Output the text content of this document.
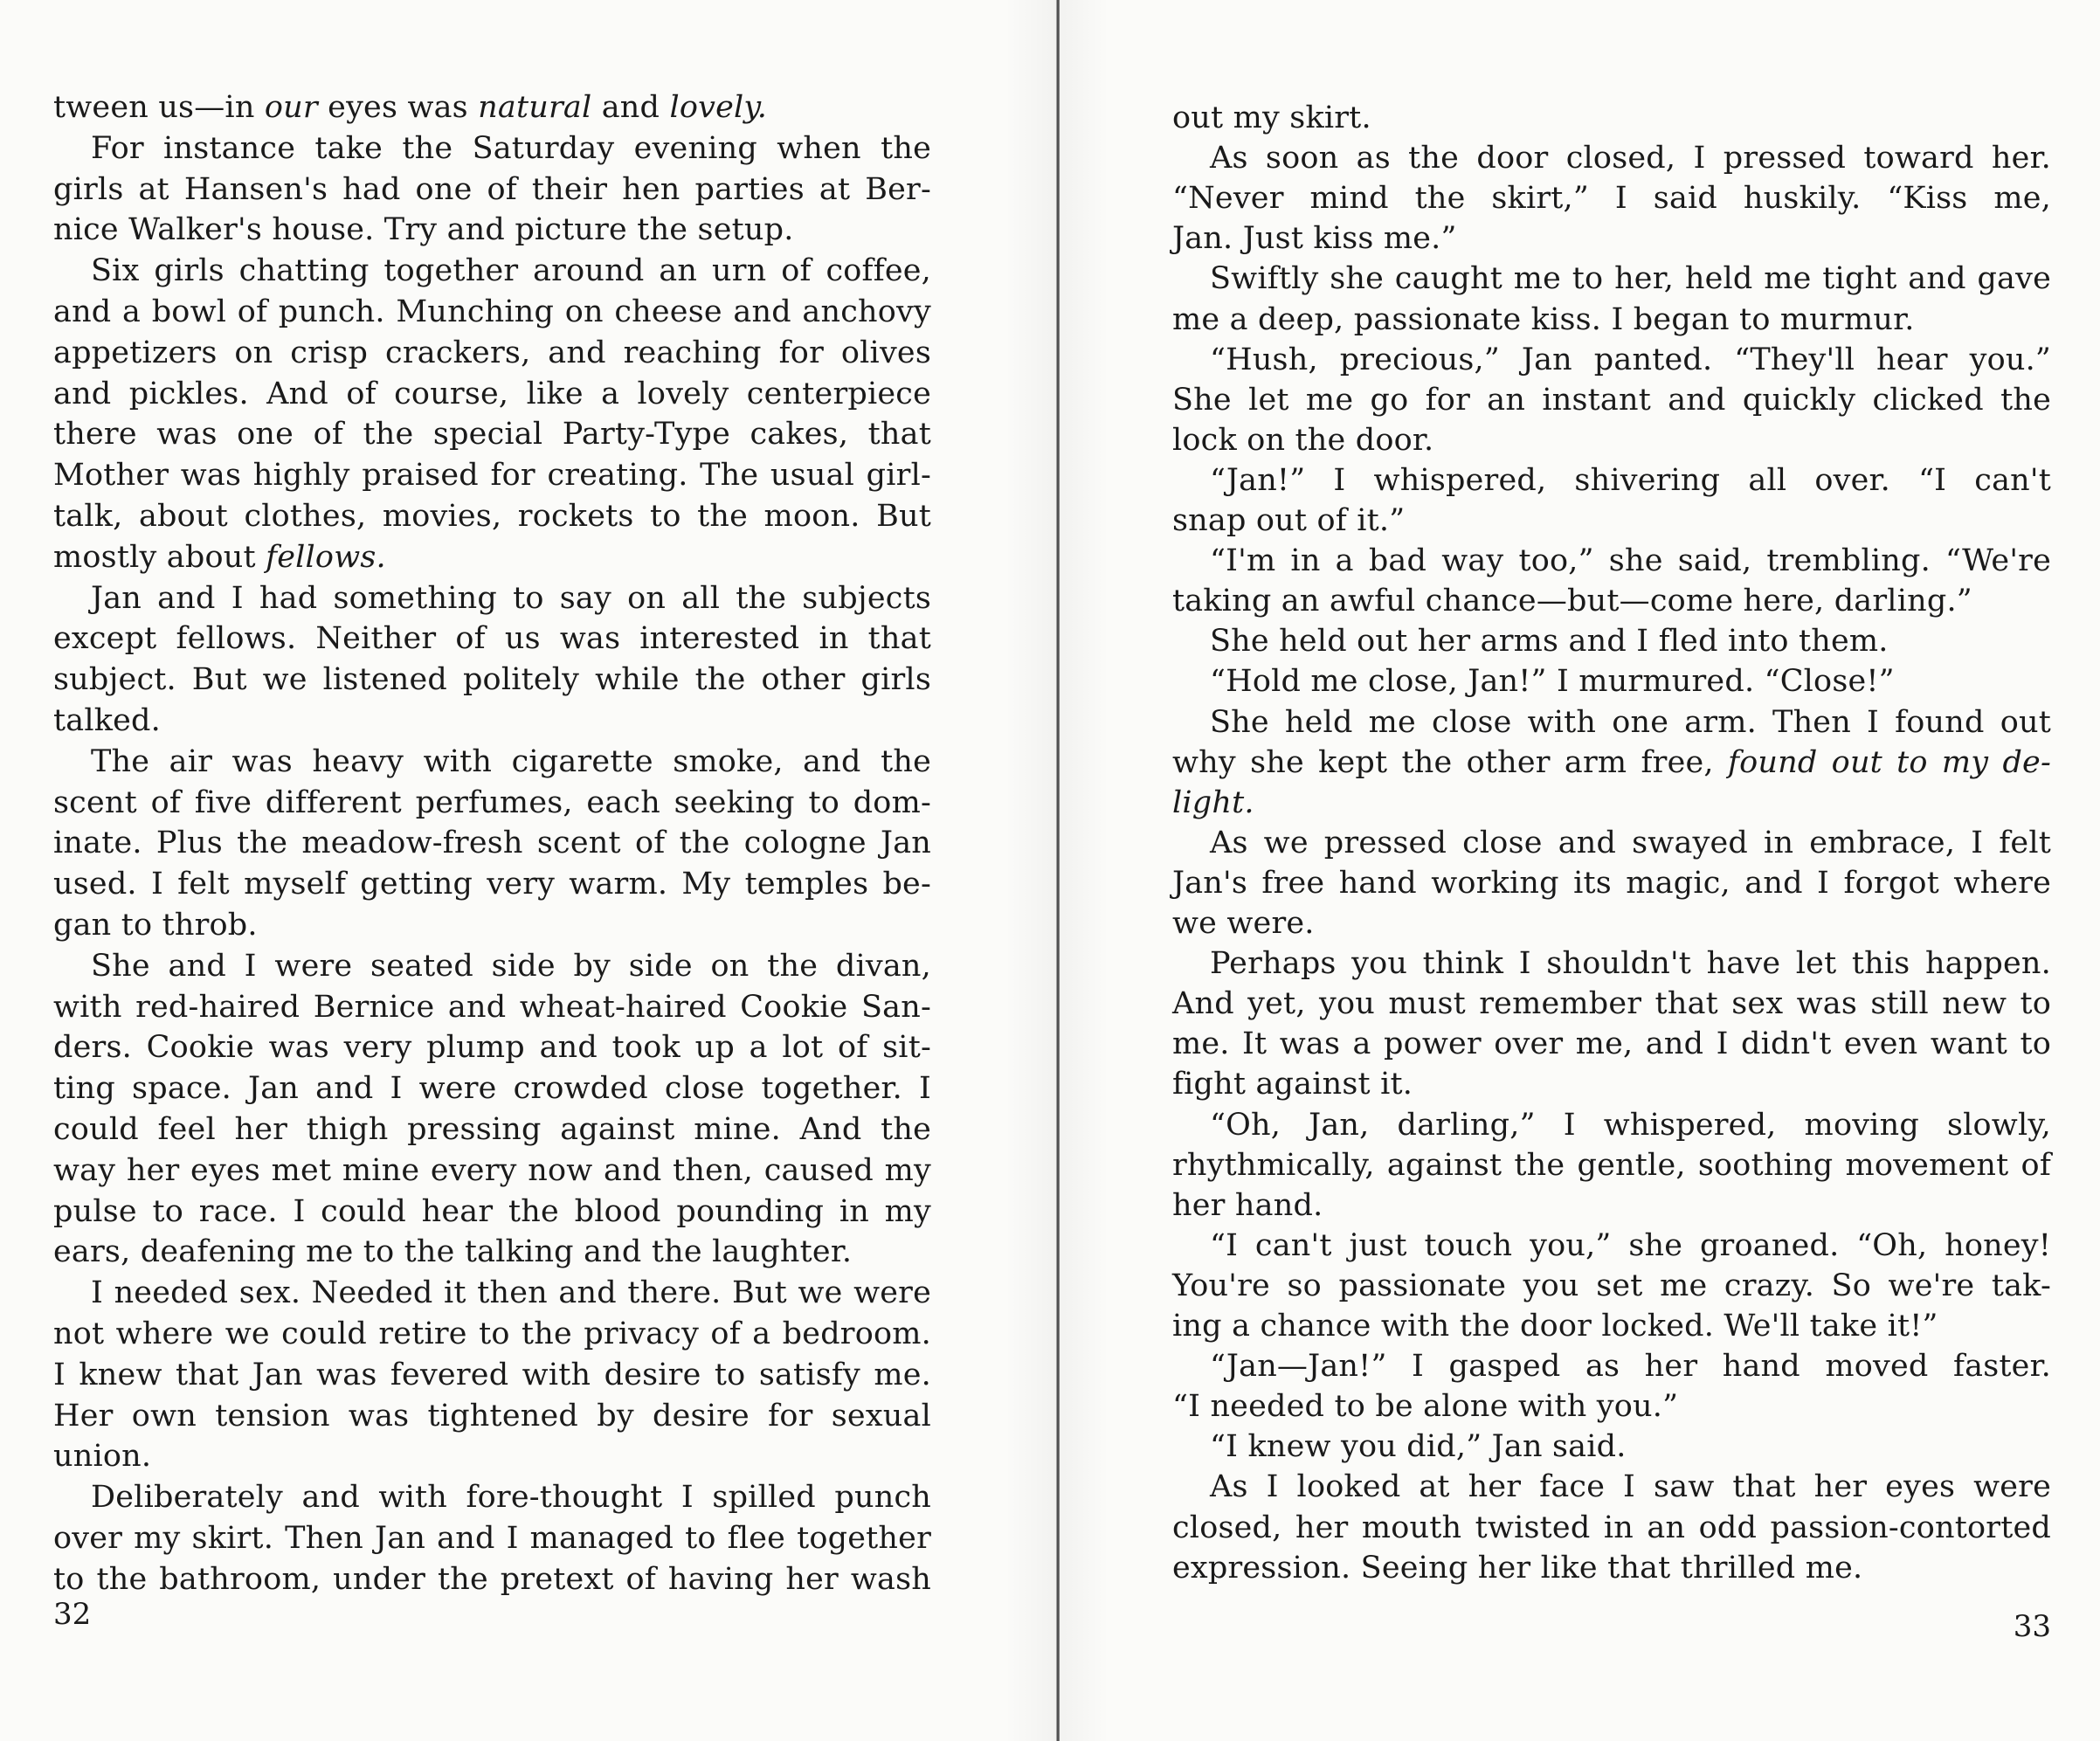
32
tween us—in our eyes was natural and lovely.
For instance take the Saturday evening when the
girls at Hansen's had one of their hen parties at Ber-
nice Walker's house. Try and picture the setup.
Six girls chatting together around an urn of coffee,
and a bowl of punch. Munching on cheese and anchovy
appetizers on crisp crackers, and reaching for olives
and pickles. And of course, like a lovely centerpiece
there was one of the special Party-Type cakes, that
Mother was highly praised for creating. The usual girl-
talk, about clothes, movies, rockets to the moon. But
mostly about fellows.
Jan and I had something to say on all the subjects
except fellows. Neither of us was interested in that
subject. But we listened politely while the other girls
talked.
The air was heavy with cigarette smoke, and the
scent of five different perfumes, each seeking to dom-
inate. Plus the meadow-fresh scent of the cologne Jan
used. I felt myself getting very warm. My temples be-
gan to throb.
She and I were seated side by side on the divan,
with red-haired Bernice and wheat-haired Cookie San-
ders. Cookie was very plump and took up a lot of sit-
ting space. Jan and I were crowded close together. I
could feel her thigh pressing against mine. And the
way her eyes met mine every now and then, caused my
pulse to race. I could hear the blood pounding in my
ears, deafening me to the talking and the laughter.
I needed sex. Needed it then and there. But we were
not where we could retire to the privacy of a bedroom.
I knew that Jan was fevered with desire to satisfy me.
Her own tension was tightened by desire for sexual
union.
Deliberately and with fore-thought I spilled punch
over my skirt. Then Jan and I managed to flee together
to the bathroom, under the pretext of having her wash
33
out my skirt.
As soon as the door closed, I pressed toward her.
“Never mind the skirt,” I said huskily. “Kiss me,
Jan. Just kiss me.”
Swiftly she caught me to her, held me tight and gave
me a deep, passionate kiss. I began to murmur.
“Hush, precious,” Jan panted. “They'll hear you.”
She let me go for an instant and quickly clicked the
lock on the door.
“Jan!” I whispered, shivering all over. “I can't
snap out of it.”
“I'm in a bad way too,” she said, trembling. “We're
taking an awful chance—but—come here, darling.”
She held out her arms and I fled into them.
“Hold me close, Jan!” I murmured. “Close!”
She held me close with one arm. Then I found out
why she kept the other arm free, found out to my de-
light.
As we pressed close and swayed in embrace, I felt
Jan's free hand working its magic, and I forgot where
we were.
Perhaps you think I shouldn't have let this happen.
And yet, you must remember that sex was still new to
me. It was a power over me, and I didn't even want to
fight against it.
“Oh, Jan, darling,” I whispered, moving slowly,
rhythmically, against the gentle, soothing movement of
her hand.
“I can't just touch you,” she groaned. “Oh, honey!
You're so passionate you set me crazy. So we're tak-
ing a chance with the door locked. We'll take it!”
“Jan—Jan!” I gasped as her hand moved faster.
“I needed to be alone with you.”
“I knew you did,” Jan said.
As I looked at her face I saw that her eyes were
closed, her mouth twisted in an odd passion-contorted
expression. Seeing her like that thrilled me.
